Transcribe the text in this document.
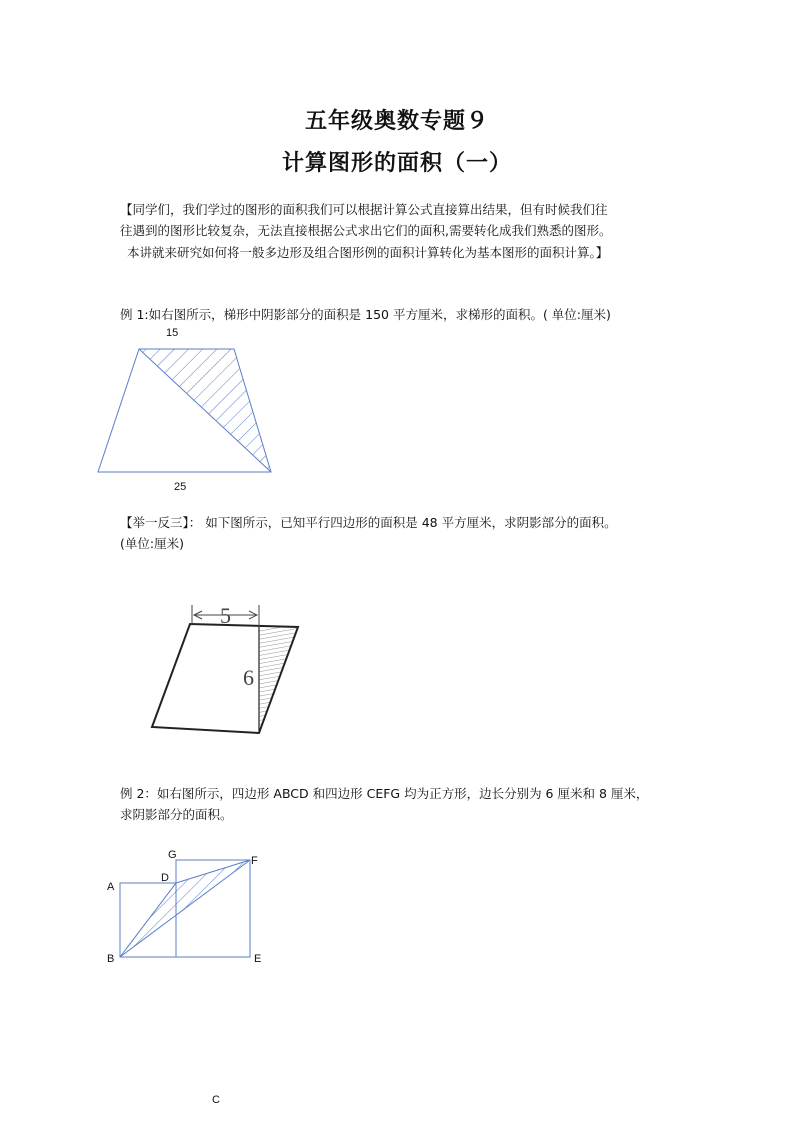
五年级奥数专题９
计算图形的面积（一）
【同学们，我们学过的图形的面积我们可以根据计算公式直接算出结果，但有时候我们往
往遇到的图形比较复杂，无法直接根据公式求出它们的面积,需要转化成我们熟悉的图形。
本讲就来研究如何将一般多边形及组合图形例的面积计算转化为基本图形的面积计算。】
例 1:如右图所示，梯形中阴影部分的面积是 150 平方厘米，求梯形的面积。( 单位:厘米)
15
25
【举一反三】： 如下图所示，已知平行四边形的面积是 48 平方厘米，求阴影部分的面积。
(单位:厘米)
5
6
例 2：如右图所示，四边形 ABCD 和四边形 CEFG 均为正方形，边长分别为 6 厘米和 8 厘米，
求阴影部分的面积。
A
B
D
G	F
E
C
